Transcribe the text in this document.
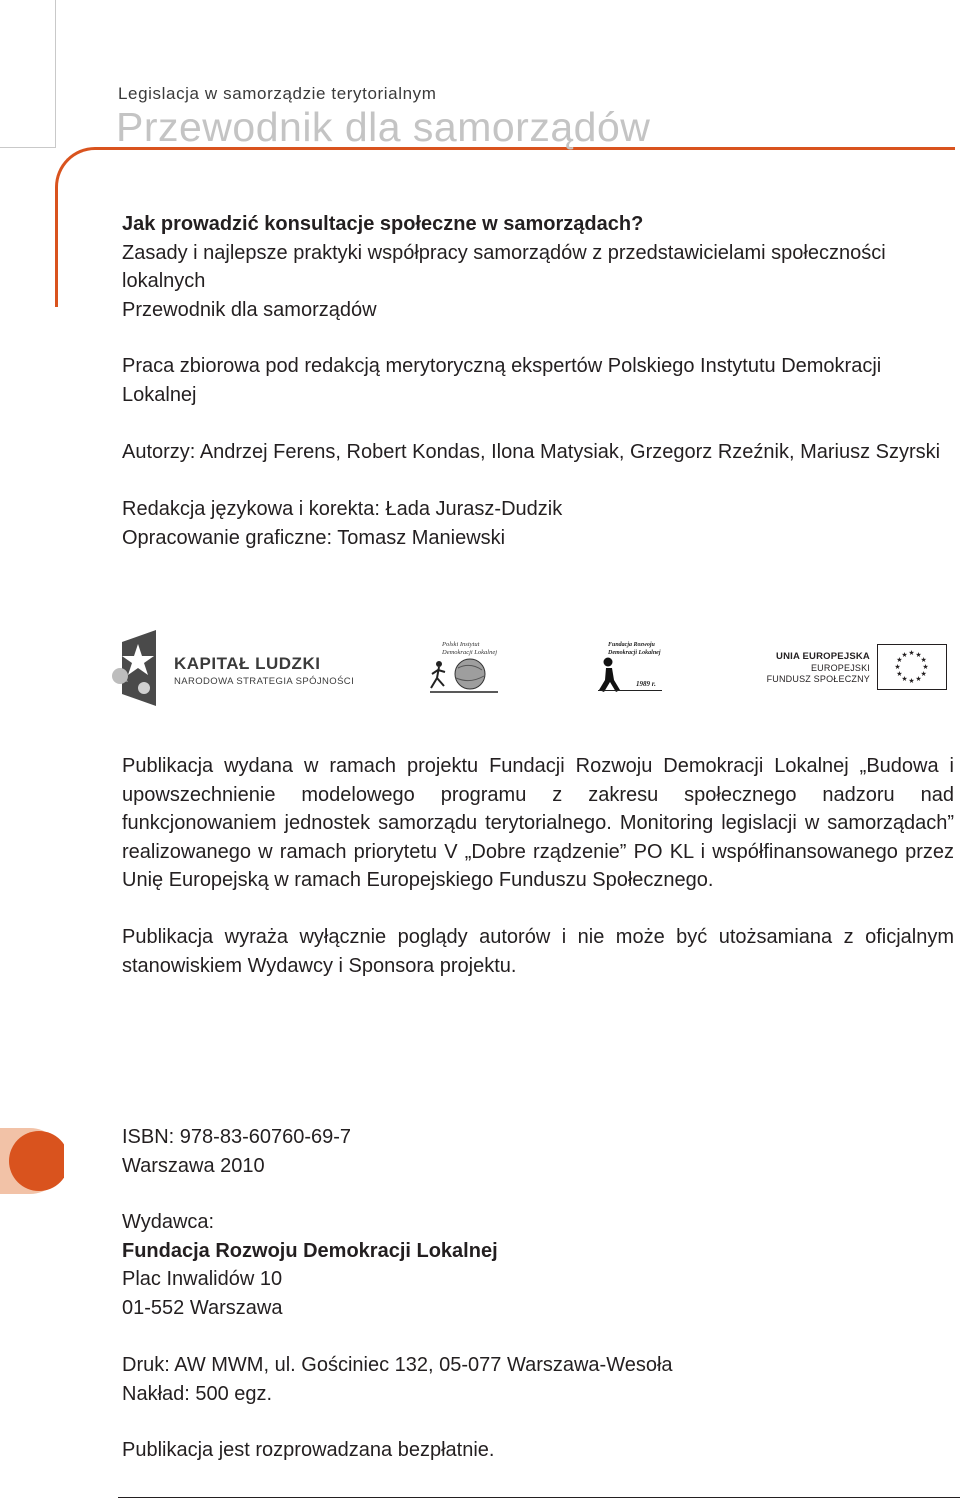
Legislacja w samorządzie terytorialnym
Przewodnik dla samorządów
Jak prowadzić konsultacje społeczne w samorządach?
Zasady i najlepsze praktyki współpracy samorządów z przedstawicielami społeczności
lokalnych
Przewodnik dla samorządów
Praca zbiorowa pod redakcją merytoryczną ekspertów Polskiego Instytutu Demokracji
Lokalnej
Autorzy: Andrzej Ferens, Robert Kondas, Ilona Matysiak, Grzegorz Rzeźnik, Mariusz Szyrski
Redakcja językowa i korekta: Łada Jurasz-Dudzik
Opracowanie graficzne: Tomasz Maniewski
KAPITAŁ LUDZKI
NARODOWA STRATEGIA SPÓJNOŚCI
Polski Instytut
Demokracji Lokalnej
Fundacja Rozwoju
Demokracji Lokalnej
1989 r.
UNIA EUROPEJSKA
EUROPEJSKI
FUNDUSZ SPOŁECZNY
★
★
★
★
★
★
★
★
★ ★ ★
★
Publikacja wydana w ramach projektu Fundacji Rozwoju Demokracji Lokalnej „Budowa i upowszechnienie modelowego programu z zakresu społecznego nadzoru nad funkcjonowaniem jednostek samorządu terytorialnego. Monitoring legislacji w samorządach” realizowanego w ramach priorytetu V „Dobre rządzenie” PO KL i współfinansowanego przez Unię Europejską w ramach Europejskiego Funduszu Społecznego.
Publikacja wyraża wyłącznie poglądy autorów i nie może być utożsamiana z oficjalnym stanowiskiem Wydawcy i Sponsora projektu.
ISBN: 978-83-60760-69-7
Warszawa 2010
Wydawca:
Fundacja Rozwoju Demokracji Lokalnej
Plac Inwalidów 10
01-552 Warszawa
Druk: AW MWM, ul. Gościniec 132, 05-077 Warszawa-Wesoła
Nakład: 500 egz.
Publikacja jest rozprowadzana bezpłatnie.
